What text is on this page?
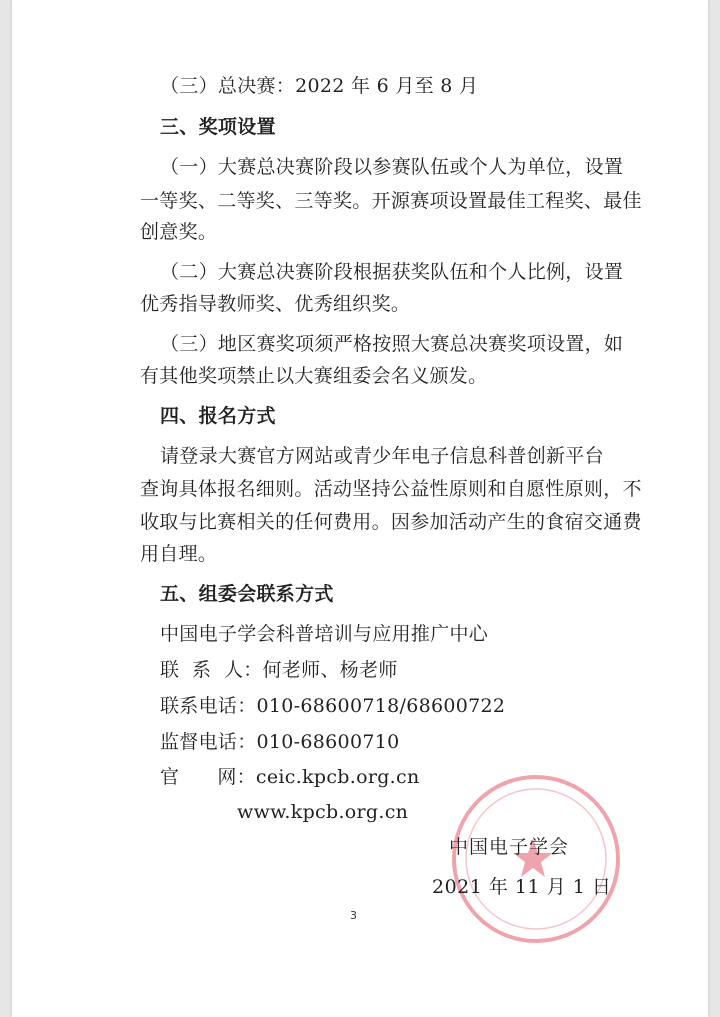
（三）总决赛：2022 年 6 月至 8 月

三、奖项设置

（一）大赛总决赛阶段以参赛队伍或个人为单位，设置

一等奖、二等奖、三等奖。开源赛项设置最佳工程奖、最佳

创意奖。

（二）大赛总决赛阶段根据获奖队伍和个人比例，设置

优秀指导教师奖、优秀组织奖。

（三）地区赛奖项须严格按照大赛总决赛奖项设置，如

有其他奖项禁止以大赛组委会名义颁发。

四、报名方式

请登录大赛官方网站或青少年电子信息科普创新平台

查询具体报名细则。活动坚持公益性原则和自愿性原则，不

收取与比赛相关的任何费用。因参加活动产生的食宿交通费

用自理。

五、组委会联系方式

中国电子学会科普培训与应用推广中心

联  系  人：何老师、杨老师

联系电话：010-68600718/68600722

监督电话：010-68600710

官      网：ceic.kpcb.org.cn

www.kpcb.org.cn

中国电子学会
2021 年 11 月 1 日
3
